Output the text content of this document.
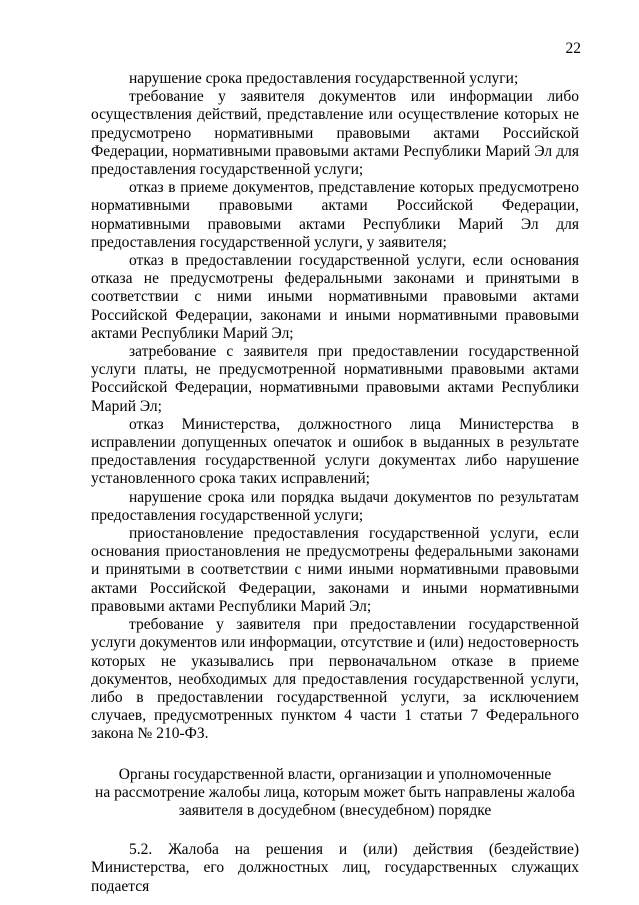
22

нарушение срока предоставления государственной услуги;

требование у заявителя документов или информации либо осуществления действий, представление или осуществление которых не предусмотрено нормативными правовыми актами Российской Федерации, нормативными правовыми актами Республики Марий Эл для предоставления государственной услуги;

отказ в приеме документов, представление которых предусмотрено нормативными правовыми актами Российской Федерации, нормативными правовыми актами Республики Марий Эл для предоставления государственной услуги, у заявителя;

отказ в предоставлении государственной услуги, если основания отказа не предусмотрены федеральными законами и принятыми в соответствии с ними иными нормативными правовыми актами Российской Федерации, законами и иными нормативными правовыми актами Республики Марий Эл;

затребование с заявителя при предоставлении государственной услуги платы, не предусмотренной нормативными правовыми актами Российской Федерации, нормативными правовыми актами Республики Марий Эл;

отказ Министерства, должностного лица Министерства в исправлении допущенных опечаток и ошибок в выданных в результате предоставления государственной услуги документах либо нарушение установленного срока таких исправлений;

нарушение срока или порядка выдачи документов по результатам предоставления государственной услуги;

приостановление предоставления государственной услуги, если основания приостановления не предусмотрены федеральными законами и принятыми в соответствии с ними иными нормативными правовыми актами Российской Федерации, законами и иными нормативными правовыми актами Республики Марий Эл;

требование у заявителя при предоставлении государственной услуги документов или информации, отсутствие и (или) недостоверность которых не указывались при первоначальном отказе в приеме документов, необходимых для предоставления государственной услуги, либо в предоставлении государственной услуги, за исключением случаев, предусмотренных пунктом 4 части 1 статьи 7 Федерального закона № 210-ФЗ.

Органы государственной власти, организации и уполномоченные
на рассмотрение жалобы лица, которым может быть направлены жалоба
заявителя в досудебном (внесудебном) порядке

5.2. Жалоба на решения и (или) действия (бездействие) Министерства, его должностных лиц, государственных служащих подается
